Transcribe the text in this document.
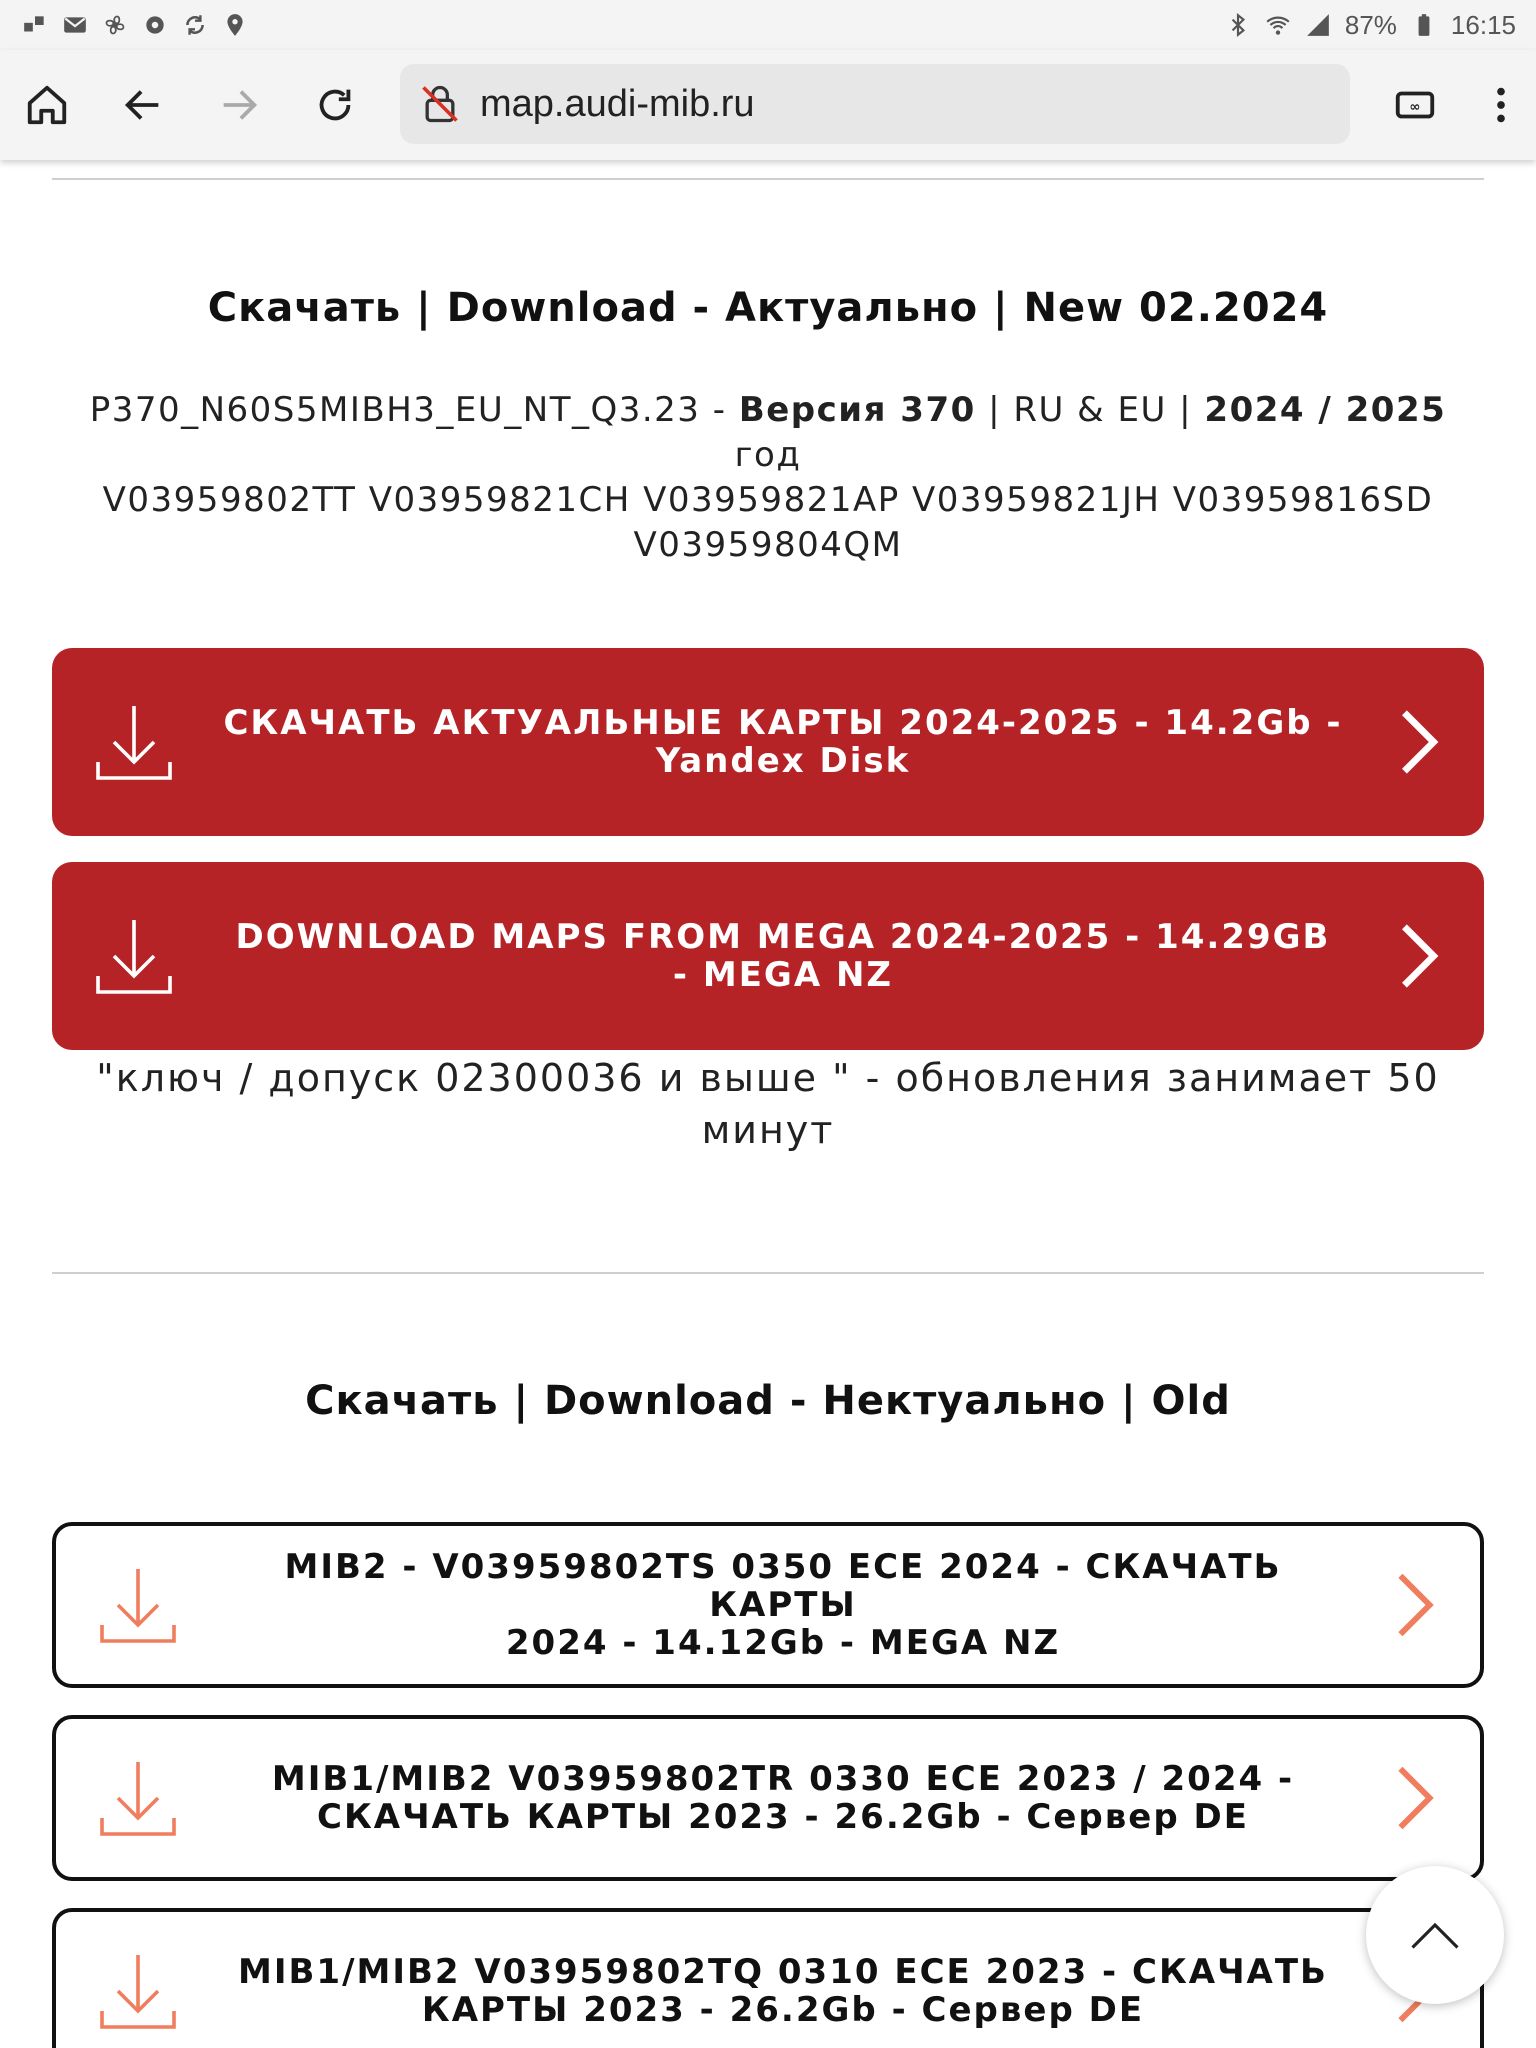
87% 16:15
map.audi-mib.ru	∞
Скачать | Download - Актуально | New 02.2024
P370_N60S5MIBH3_EU_NT_Q3.23 - Версия 370 | RU & EU | 2024 / 2025
год
V03959802TT V03959821CH V03959821AP V03959821JH V03959816SD V03959804QM
СКАЧАТЬ АКТУАЛЬНЫЕ КАРТЫ 2024-2025 - 14.2Gb -
Yandex Disk
DOWNLOAD MAPS FROM MEGA 2024-2025 - 14.29GB
- MEGA NZ
"ключ / допуск 02300036 и выше " - обновления занимает 50 минут
Скачать | Download - Нектуально | Old
MIB2 - V03959802TS 0350 ECE 2024 - СКАЧАТЬ КАРТЫ
2024 - 14.12Gb - MEGA NZ
MIB1/MIB2 V03959802TR 0330 ECE 2023 / 2024 -
СКАЧАТЬ КАРТЫ 2023 - 26.2Gb - Сервер DE
MIB1/MIB2 V03959802TQ 0310 ECE 2023 - СКАЧАТЬ
КАРТЫ 2023 - 26.2Gb - Сервер DE
